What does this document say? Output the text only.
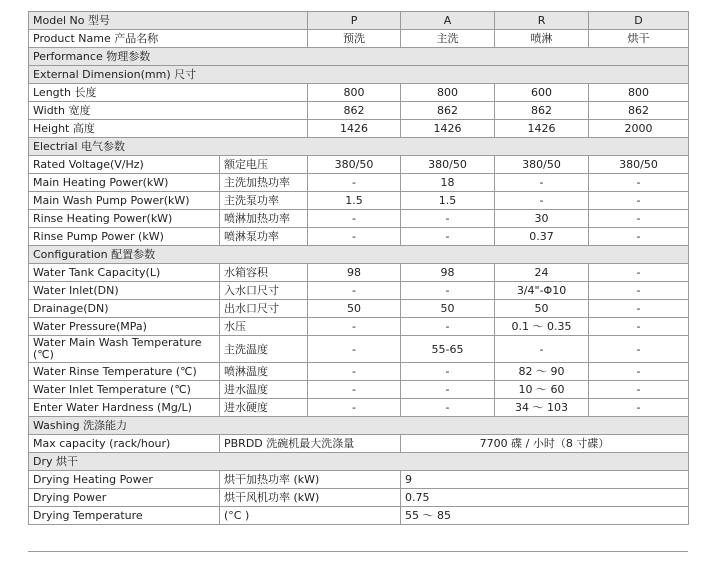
Model No 型号		P	A	R	D
Product Name 产品名称		预洗	主洗	喷淋	烘干
Performance 物理参数					
External Dimension(mm) 尺寸					
Length 长度		800	800	600	800
Width 宽度		862	862	862	862
Height 高度		1426	1426	1426	2000
Electrial 电气参数					
Rated Voltage(V/Hz)	额定电压	380/50	380/50	380/50	380/50
Main Heating Power(kW)	主洗加热功率	-	18	-	-
Main Wash Pump Power(kW)	主洗泵功率	1.5	1.5	-	-
Rinse Heating Power(kW)	喷淋加热功率	-	-	30	-
Rinse Pump Power (kW)	喷淋泵功率	-	-	0.37	-
Configuration 配置参数					
Water Tank Capacity(L)	水箱容积	98	98	24	-
Water Inlet(DN)	入水口尺寸	-	-	3/4"-Φ10	-
Drainage(DN)	出水口尺寸	50	50	50	-
Water Pressure(MPa)	水压	-	-	0.1 ～ 0.35	-
Water Main Wash Temperature (℃)	主洗温度	-	55-65	-	-
Water Rinse Temperature (℃)	喷淋温度	-	-	82 ～ 90	-
Water Inlet Temperature (℃)	进水温度	-	-	10 ～ 60	-
Enter Water Hardness (Mg/L)	进水硬度	-	-	34 ～ 103	-
Washing 洗涤能力					
Max capacity (rack/hour)	PBRDD 洗碗机最大洗涤量		7700 碟 / 小时（8 寸碟）		
Dry 烘干					
Drying Heating Power	烘干加热功率 (kW)		9		
Drying Power	烘干风机功率 (kW)		0.75		
Drying Temperature	(°C )		55 ～ 85		
